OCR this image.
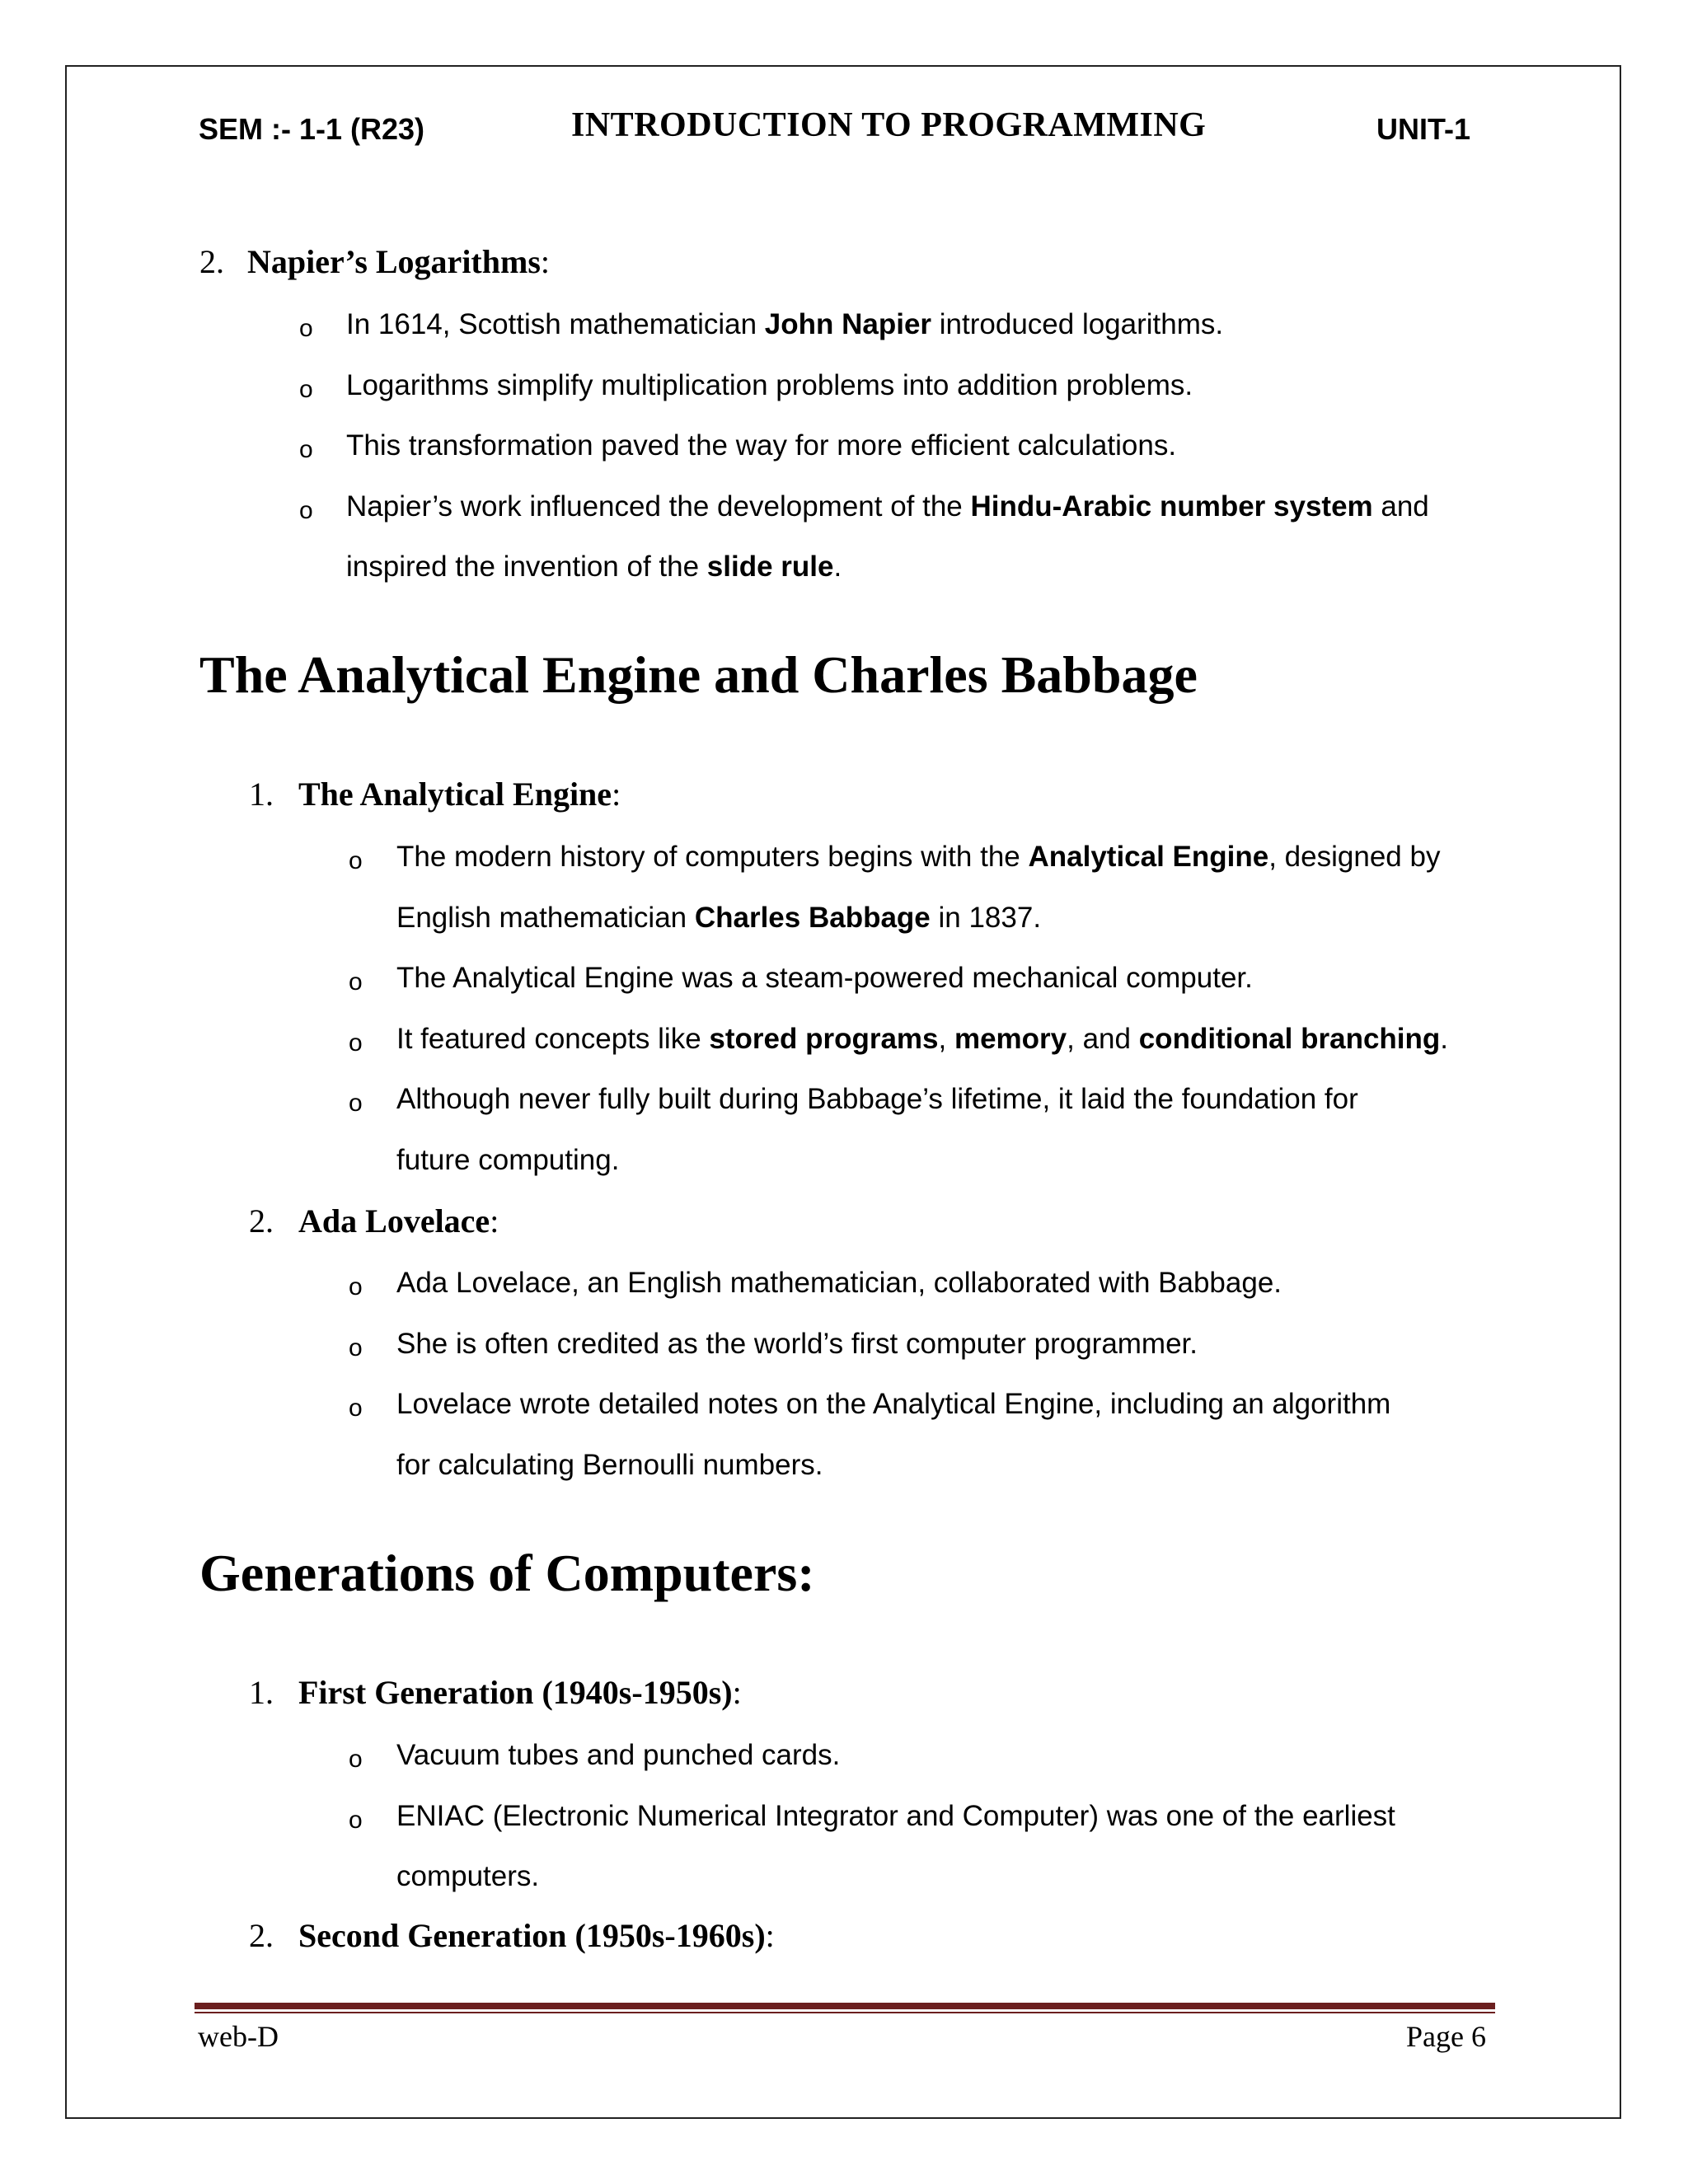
SEM :- 1-1 (R23)	INTRODUCTION TO PROGRAMMING	UNIT-1
2. Napier’s Logarithms:
o In 1614, Scottish mathematician John Napier introduced logarithms.
o Logarithms simplify multiplication problems into addition problems.
o This transformation paved the way for more efficient calculations.
o Napier’s work influenced the development of the Hindu-Arabic number system and
inspired the invention of the slide rule.
The Analytical Engine and Charles Babbage
1. The Analytical Engine:
o The modern history of computers begins with the Analytical Engine, designed by
English mathematician Charles Babbage in 1837.
o The Analytical Engine was a steam-powered mechanical computer.
o It featured concepts like stored programs, memory, and conditional branching.
o Although never fully built during Babbage’s lifetime, it laid the foundation for
future computing.
2. Ada Lovelace:
o Ada Lovelace, an English mathematician, collaborated with Babbage.
o She is often credited as the world’s first computer programmer.
o Lovelace wrote detailed notes on the Analytical Engine, including an algorithm
for calculating Bernoulli numbers.
Generations of Computers:
1. First Generation (1940s-1950s):
o Vacuum tubes and punched cards.
o ENIAC (Electronic Numerical Integrator and Computer) was one of the earliest
computers.
2. Second Generation (1950s-1960s):
web-D	Page 6
